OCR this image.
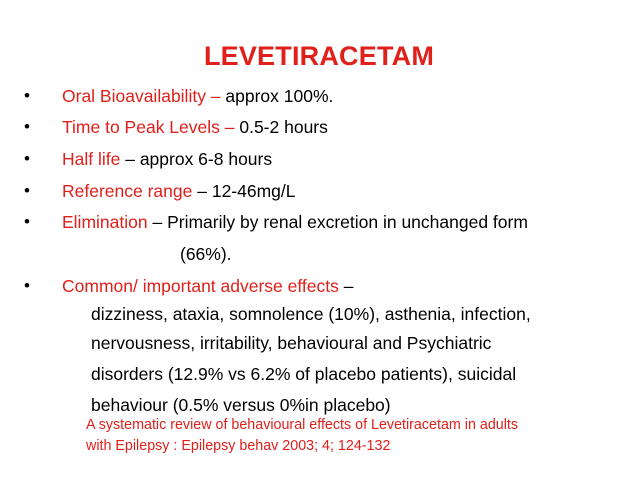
LEVETIRACETAM
• Oral Bioavailability – approx 100%.
• Time to Peak Levels – 0.5-2 hours
• Half life – approx 6-8 hours
• Reference range – 12-46mg/L
• Elimination – Primarily by renal excretion in unchanged form
(66%).
• Common/ important adverse effects –
dizziness, ataxia, somnolence (10%), asthenia, infection,
nervousness, irritability, behavioural and Psychiatric
disorders (12.9% vs 6.2% of placebo patients), suicidal
behaviour (0.5% versus 0%in placebo)
A systematic review of behavioural effects of Levetiracetam in adults
with Epilepsy : Epilepsy behav 2003; 4; 124-132
